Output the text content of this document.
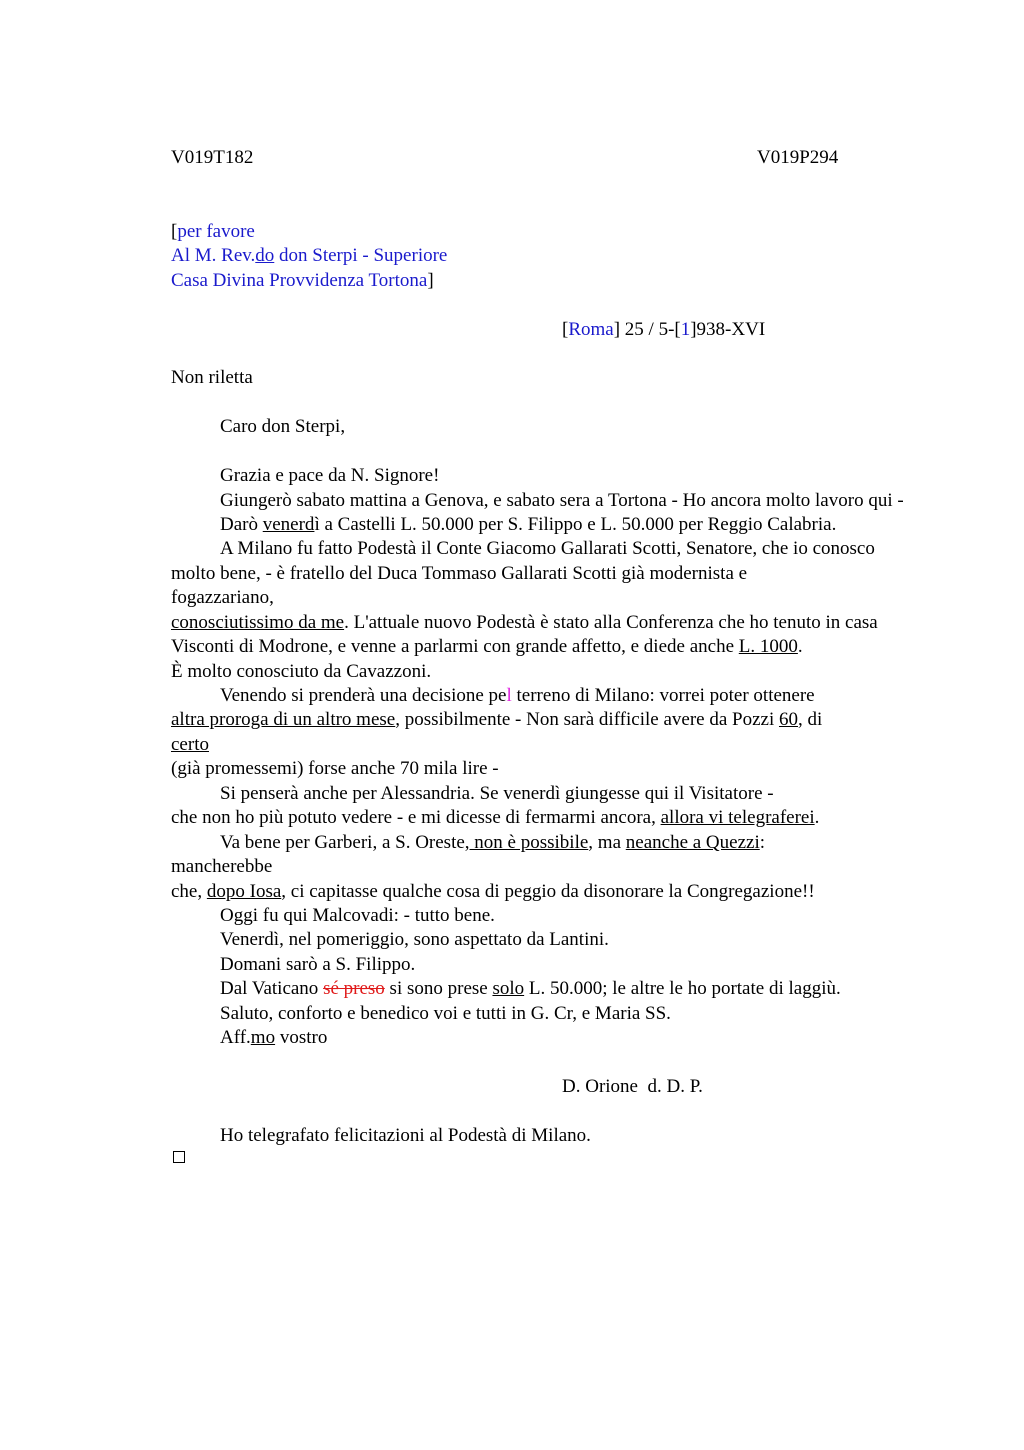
V019T182	V019P294
[per favore
Al M. Rev.do don Sterpi - Superiore
Casa Divina Provvidenza Tortona]
[Roma] 25 / 5-[1]938-XVI
Non riletta
Caro don Sterpi,
Grazia e pace da N. Signore!
Giungerò sabato mattina a Genova, e sabato sera a Tortona - Ho ancora molto lavoro qui -
Darò venerdì a Castelli L. 50.000 per S. Filippo e L. 50.000 per Reggio Calabria.
A Milano fu fatto Podestà il Conte Giacomo Gallarati Scotti, Senatore, che io conosco
molto bene, - è fratello del Duca Tommaso Gallarati Scotti già modernista e
fogazzariano,
conosciutissimo da me. L'attuale nuovo Podestà è stato alla Conferenza che ho tenuto in casa
Visconti di Modrone, e venne a parlarmi con grande affetto, e diede anche L. 1000.
È molto conosciuto da Cavazzoni.
Venendo si prenderà una decisione pel terreno di Milano: vorrei poter ottenere
altra proroga di un altro mese, possibilmente - Non sarà difficile avere da Pozzi 60, di
certo
(già promessemi) forse anche 70 mila lire -
Si penserà anche per Alessandria. Se venerdì giungesse qui il Visitatore -
che non ho più potuto vedere - e mi dicesse di fermarmi ancora, allora vi telegraferei.
Va bene per Garberi, a S. Oreste, non è possibile, ma neanche a Quezzi:
mancherebbe
che, dopo Iosa, ci capitasse qualche cosa di peggio da disonorare la Congregazione!!
Oggi fu qui Malcovadi: - tutto bene.
Venerdì, nel pomeriggio, sono aspettato da Lantini.
Domani sarò a S. Filippo.
Dal Vaticano sé preso si sono prese solo L. 50.000; le altre le ho portate di laggiù.
Saluto, conforto e benedico voi e tutti in G. Cr, e Maria SS.
Aff.mo vostro
D. Orione  d. D. P.
Ho telegrafato felicitazioni al Podestà di Milano.
